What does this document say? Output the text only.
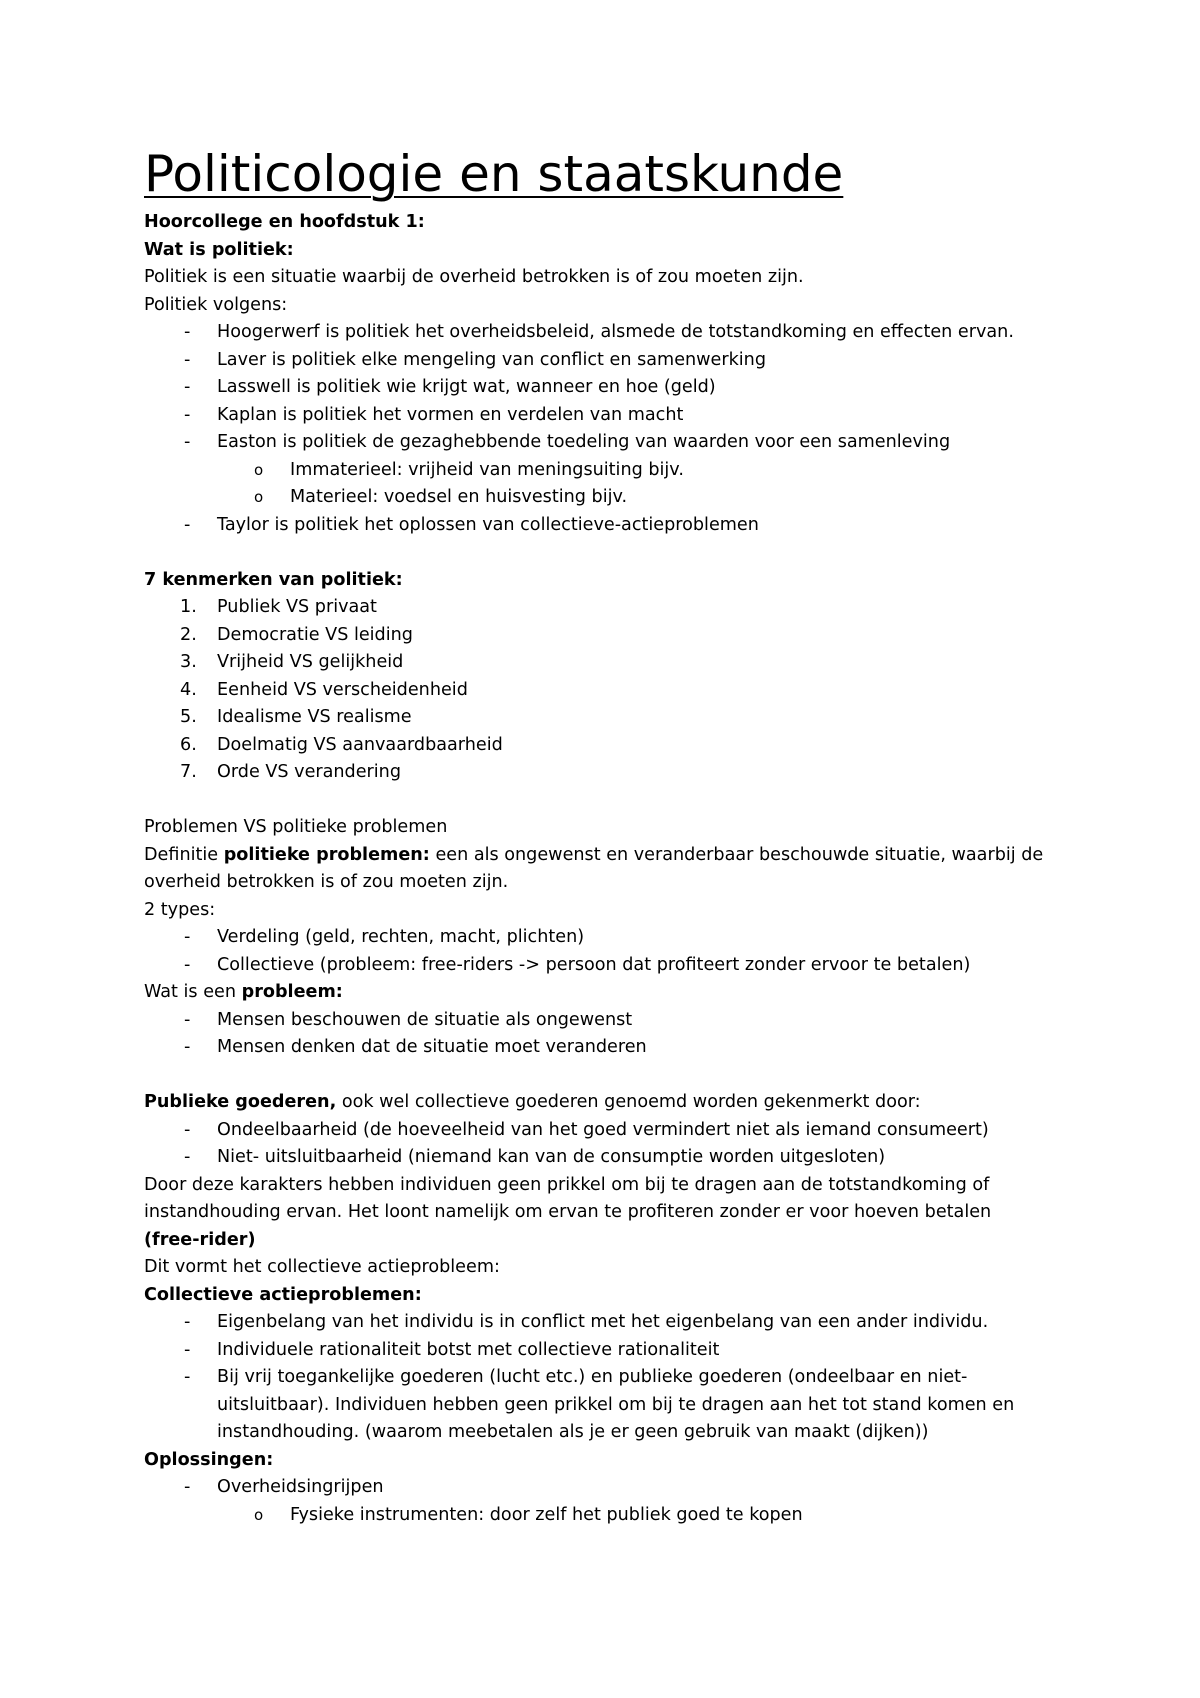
Politicologie en staatskunde

Hoorcollege en hoofdstuk 1:

Wat is politiek:

Politiek is een situatie waarbij de overheid betrokken is of zou moeten zijn.

Politiek volgens:

- Hoogerwerf is politiek het overheidsbeleid, alsmede de totstandkoming en effecten ervan.
- Laver is politiek elke mengeling van conflict en samenwerking
- Lasswell is politiek wie krijgt wat, wanneer en hoe (geld)
- Kaplan is politiek het vormen en verdelen van macht
- Easton is politiek de gezaghebbende toedeling van waarden voor een samenleving
o Immaterieel: vrijheid van meningsuiting bijv.
o Materieel: voedsel en huisvesting bijv.
- Taylor is politiek het oplossen van collectieve-actieproblemen

7 kenmerken van politiek:

1. Publiek VS privaat
2. Democratie VS leiding
3. Vrijheid VS gelijkheid
4. Eenheid VS verscheidenheid
5. Idealisme VS realisme
6. Doelmatig VS aanvaardbaarheid
7. Orde VS verandering

Problemen VS politieke problemen

Definitie politieke problemen: een als ongewenst en veranderbaar beschouwde situatie, waarbij de overheid betrokken is of zou moeten zijn.

2 types:

- Verdeling (geld, rechten, macht, plichten)
- Collectieve (probleem: free-riders -> persoon dat profiteert zonder ervoor te betalen)

Wat is een probleem:

- Mensen beschouwen de situatie als ongewenst
- Mensen denken dat de situatie moet veranderen

Publieke goederen, ook wel collectieve goederen genoemd worden gekenmerkt door:

- Ondeelbaarheid (de hoeveelheid van het goed vermindert niet als iemand consumeert)
- Niet- uitsluitbaarheid (niemand kan van de consumptie worden uitgesloten)

Door deze karakters hebben individuen geen prikkel om bij te dragen aan de totstandkoming of instandhouding ervan. Het loont namelijk om ervan te profiteren zonder er voor hoeven betalen

(free-rider)

Dit vormt het collectieve actieprobleem:

Collectieve actieproblemen:

- Eigenbelang van het individu is in conflict met het eigenbelang van een ander individu.
- Individuele rationaliteit botst met collectieve rationaliteit
- Bij vrij toegankelijke goederen (lucht etc.) en publieke goederen (ondeelbaar en niet-uitsluitbaar). Individuen hebben geen prikkel om bij te dragen aan het tot stand komen en instandhouding. (waarom meebetalen als je er geen gebruik van maakt (dijken))

Oplossingen:

- Overheidsingrijpen
o Fysieke instrumenten: door zelf het publiek goed te kopen
